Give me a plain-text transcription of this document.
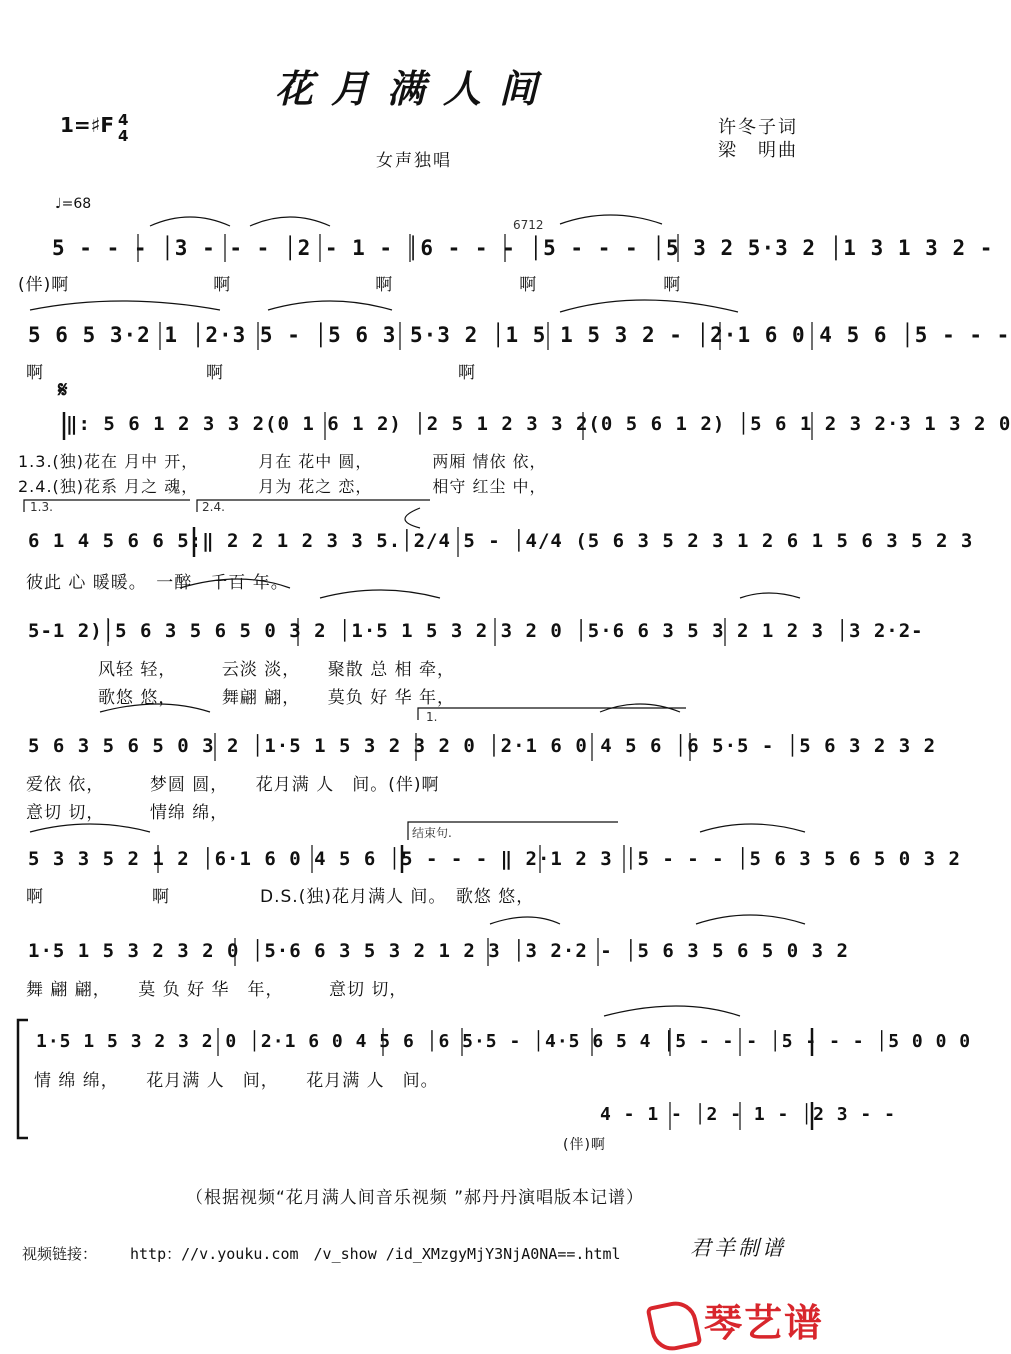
花月满人间
1=♯F 4
4	许冬子词
梁　明曲
女声独唱
♩=68
6712
5 - - - │3 - - - │2 - 1 - │6 - - - │5 - - - │5 3 2 5·3 2 │1 3 1 3 2 -
(伴)啊　　　　　　　　啊　　　　　　　　啊　　　　　　　啊　　　　　　　啊
5 6 5 3·2 1 │2·3 5 - │5 6 3 5·3 2 │1 5 1 5 3 2 - │2·1 6 0 4 5 6 │5 - - -
啊　　　　　　　　　啊　　　　　　　　　　　　　啊
𝄋
‖: 5 6 1 2 3 3 2(0 1 6 1 2) │2 5 1 2 3 3 2(0 5 6 1 2) │5 6 1 2 3 2·3 1 3 2 0
1.3.(独)花在 月中 开，　　　　月在 花中 圆，　　　　两厢 情依 依，
2.4.(独)花系 月之 魂，　　　　月为 花之 恋，　　　　相守 红尘 中，
1.3.	2.4.
6 1 4 5 6 6 5:‖ 2 2 1 2 3 3 5.│2/4 5 - │4/4 (5 6 3 5 2 3 1 2 6 1 5 6 3 5 2 3
彼此 心 暖暖。　一醉　千百 年。
5-1 2)│5 6 3 5 6 5 0 3 2 │1·5 1 5 3 2 3 2 0 │5·6 6 3 5 3 2 1 2 3 │3 2·2-
　　　　风轻 轻，　　　云淡 淡，　　聚散 总 相 牵，
　　　　歌悠 悠，　　　舞翩 翩，　　莫负 好 华 年，
1.
5 6 3 5 6 5 0 3 2 │1·5 1 5 3 2 3 2 0 │2·1 6 0 4 5 6 │6 5·5 - │5 6 3 2 3 2
爱依 依，　　　梦圆 圆，　　花月满 人　间。(伴)啊
意切 切，　　　情绵 绵，
结束句.
5 3 3 5 2 1 2 │6·1 6 0 4 5 6 │5 - - - ‖ 2·1 2 3 │5 - - - │5 6 3 5 6 5 0 3 2
啊　　　　　　啊　　　　　D.S.(独)花月满人 间。　歌悠 悠，
1·5 1 5 3 2 3 2 0 │5·6 6 3 5 3 2 1 2 3 │3 2·2 - │5 6 3 5 6 5 0 3 2
舞 翩 翩，　　莫 负 好 华　年，　　　意切 切，
1·5 1 5 3 2 3 2 0 │2·1 6 0 4 5 6 │6 5·5 - │4·5 6 5 4 │5 - - - │5 - - - │5 0 0 0
情 绵 绵，　　花月满 人　间，　　花月满 人　间。
4 - 1 - │2 - 1 - │2 3 - -
(伴)啊
（根据视频“花月满人间音乐视频 ”郝丹丹演唱版本记谱）
视频链接： http：//v.youku.com　/v_show /id_XMzgyMjY3NjA0NA==.html	君羊制谱
琴艺谱
